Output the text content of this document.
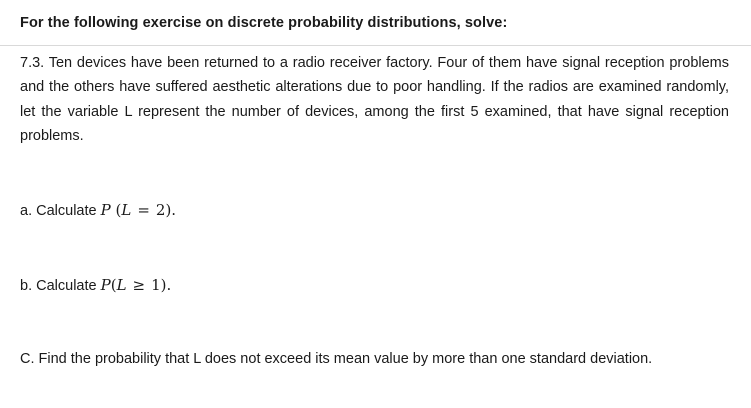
For the following exercise on discrete probability distributions, solve:
7.3. Ten devices have been returned to a radio receiver factory. Four of them have signal reception problems and the others have suffered aesthetic alterations due to poor handling. If the radios are examined randomly, let the variable L represent the number of devices, among the first 5 examined, that have signal reception problems.
a. Calculate P (L = 2).
b. Calculate P(L ≥ 1).
C. Find the probability that L does not exceed its mean value by more than one standard deviation.
